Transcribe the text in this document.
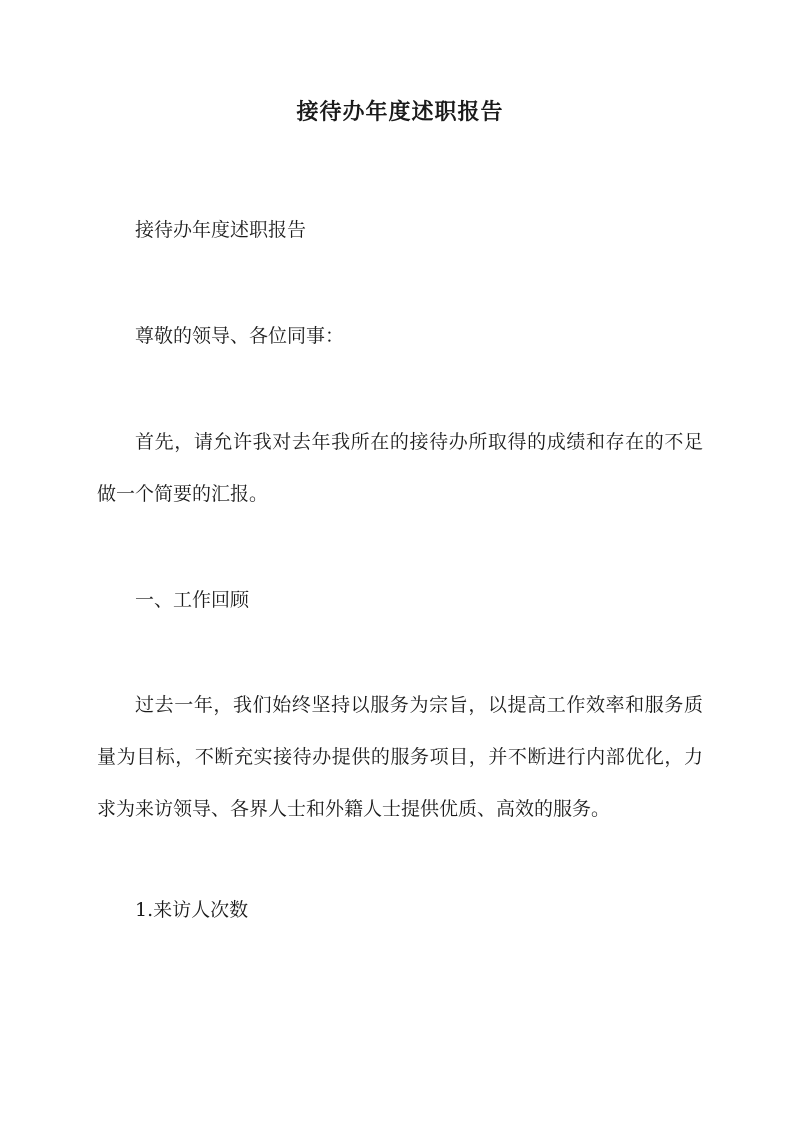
接待办年度述职报告

接待办年度述职报告

尊敬的领导、各位同事：

首先，请允许我对去年我所在的接待办所取得的成绩和存在的不足做一个简要的汇报。

一、工作回顾

过去一年，我们始终坚持以服务为宗旨，以提高工作效率和服务质量为目标，不断充实接待办提供的服务项目，并不断进行内部优化，力求为来访领导、各界人士和外籍人士提供优质、高效的服务。

1.来访人次数
